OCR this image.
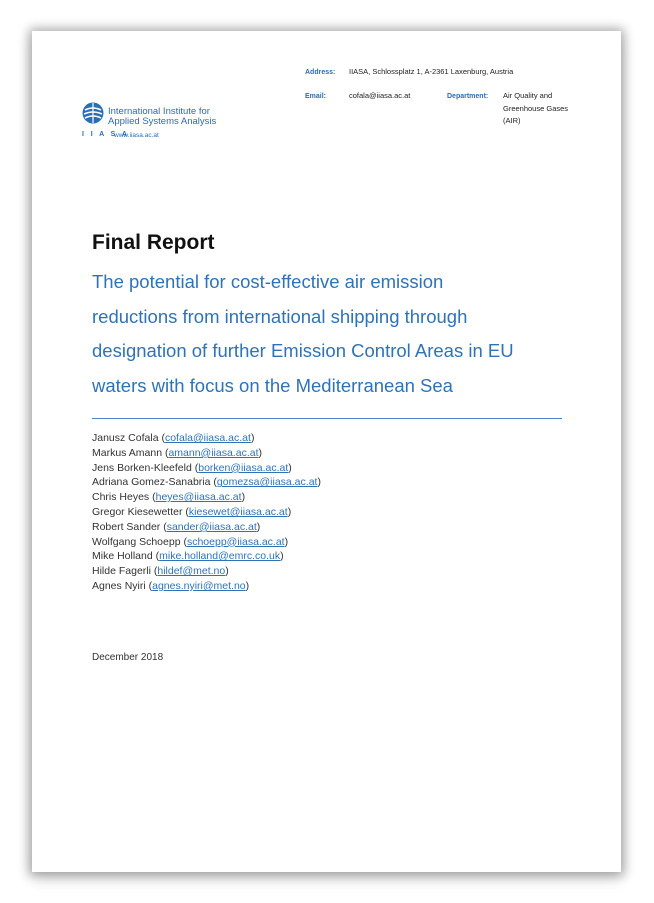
International Institute for
Applied Systems Analysis
I I A S A
www.iiasa.ac.at
Address: IIASA, Schlossplatz 1, A-2361 Laxenburg, Austria
Email:	cofala@iiasa.ac.at	Department: Air Quality and
Greenhouse Gases
(AIR)
Final Report
The potential for cost-effective air emission
reductions from international shipping through
designation of further Emission Control Areas in EU
waters with focus on the Mediterranean Sea
Janusz Cofala (cofala@iiasa.ac.at)
Markus Amann (amann@iiasa.ac.at)
Jens Borken-Kleefeld (borken@iiasa.ac.at)
Adriana Gomez-Sanabria (gomezsa@iiasa.ac.at)
Chris Heyes (heyes@iiasa.ac.at)
Gregor Kiesewetter (kiesewet@iiasa.ac.at)
Robert Sander (sander@iiasa.ac.at)
Wolfgang Schoepp (schoepp@iiasa.ac.at)
Mike Holland (mike.holland@emrc.co.uk)
Hilde Fagerli (hildef@met.no)
Agnes Nyiri (agnes.nyiri@met.no)
December 2018
